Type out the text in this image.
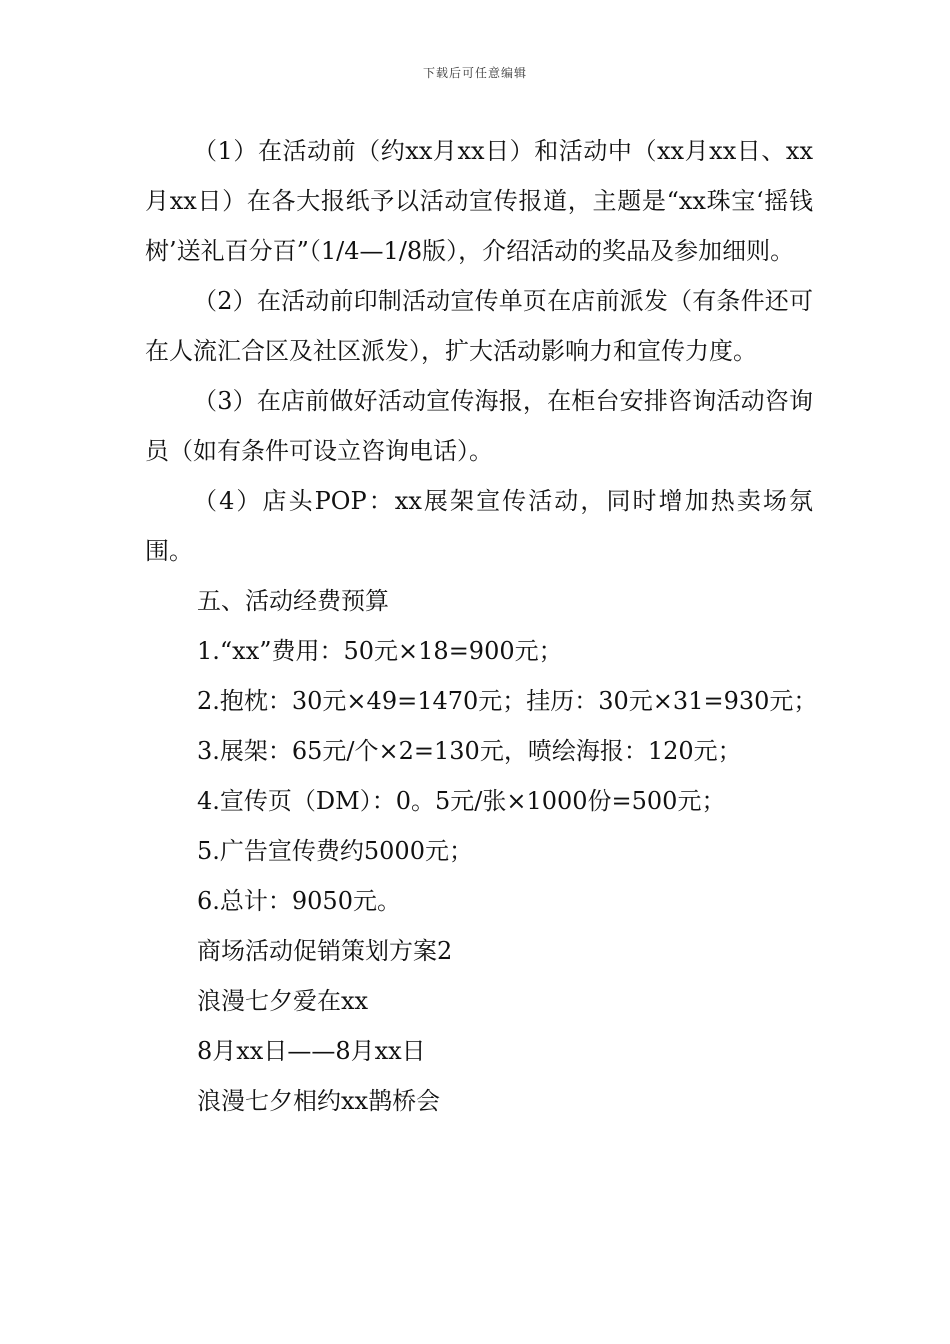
下载后可任意编辑

（1）在活动前（约xx月xx日）和活动中（xx月xx日、xx月xx日）在各大报纸予以活动宣传报道，主题是“xx珠宝‘摇钱树’送礼百分百”（1/4—1/8版），介绍活动的奖品及参加细则。

（2）在活动前印制活动宣传单页在店前派发（有条件还可在人流汇合区及社区派发），扩大活动影响力和宣传力度。

（3）在店前做好活动宣传海报，在柜台安排咨询活动咨询员（如有条件可设立咨询电话）。

（4）店头POP：xx展架宣传活动，同时增加热卖场氛围。

五、活动经费预算

1.“xx”费用：50元×18=900元；

2.抱枕：30元×49=1470元；挂历：30元×31=930元；

3.展架：65元/个×2=130元，喷绘海报：120元；

4.宣传页（DM）：0。5元/张×1000份=500元；

5.广告宣传费约5000元；

6.总计：9050元。

商场活动促销策划方案2

浪漫七夕爱在xx

8月xx日——8月xx日

浪漫七夕相约xx鹊桥会
